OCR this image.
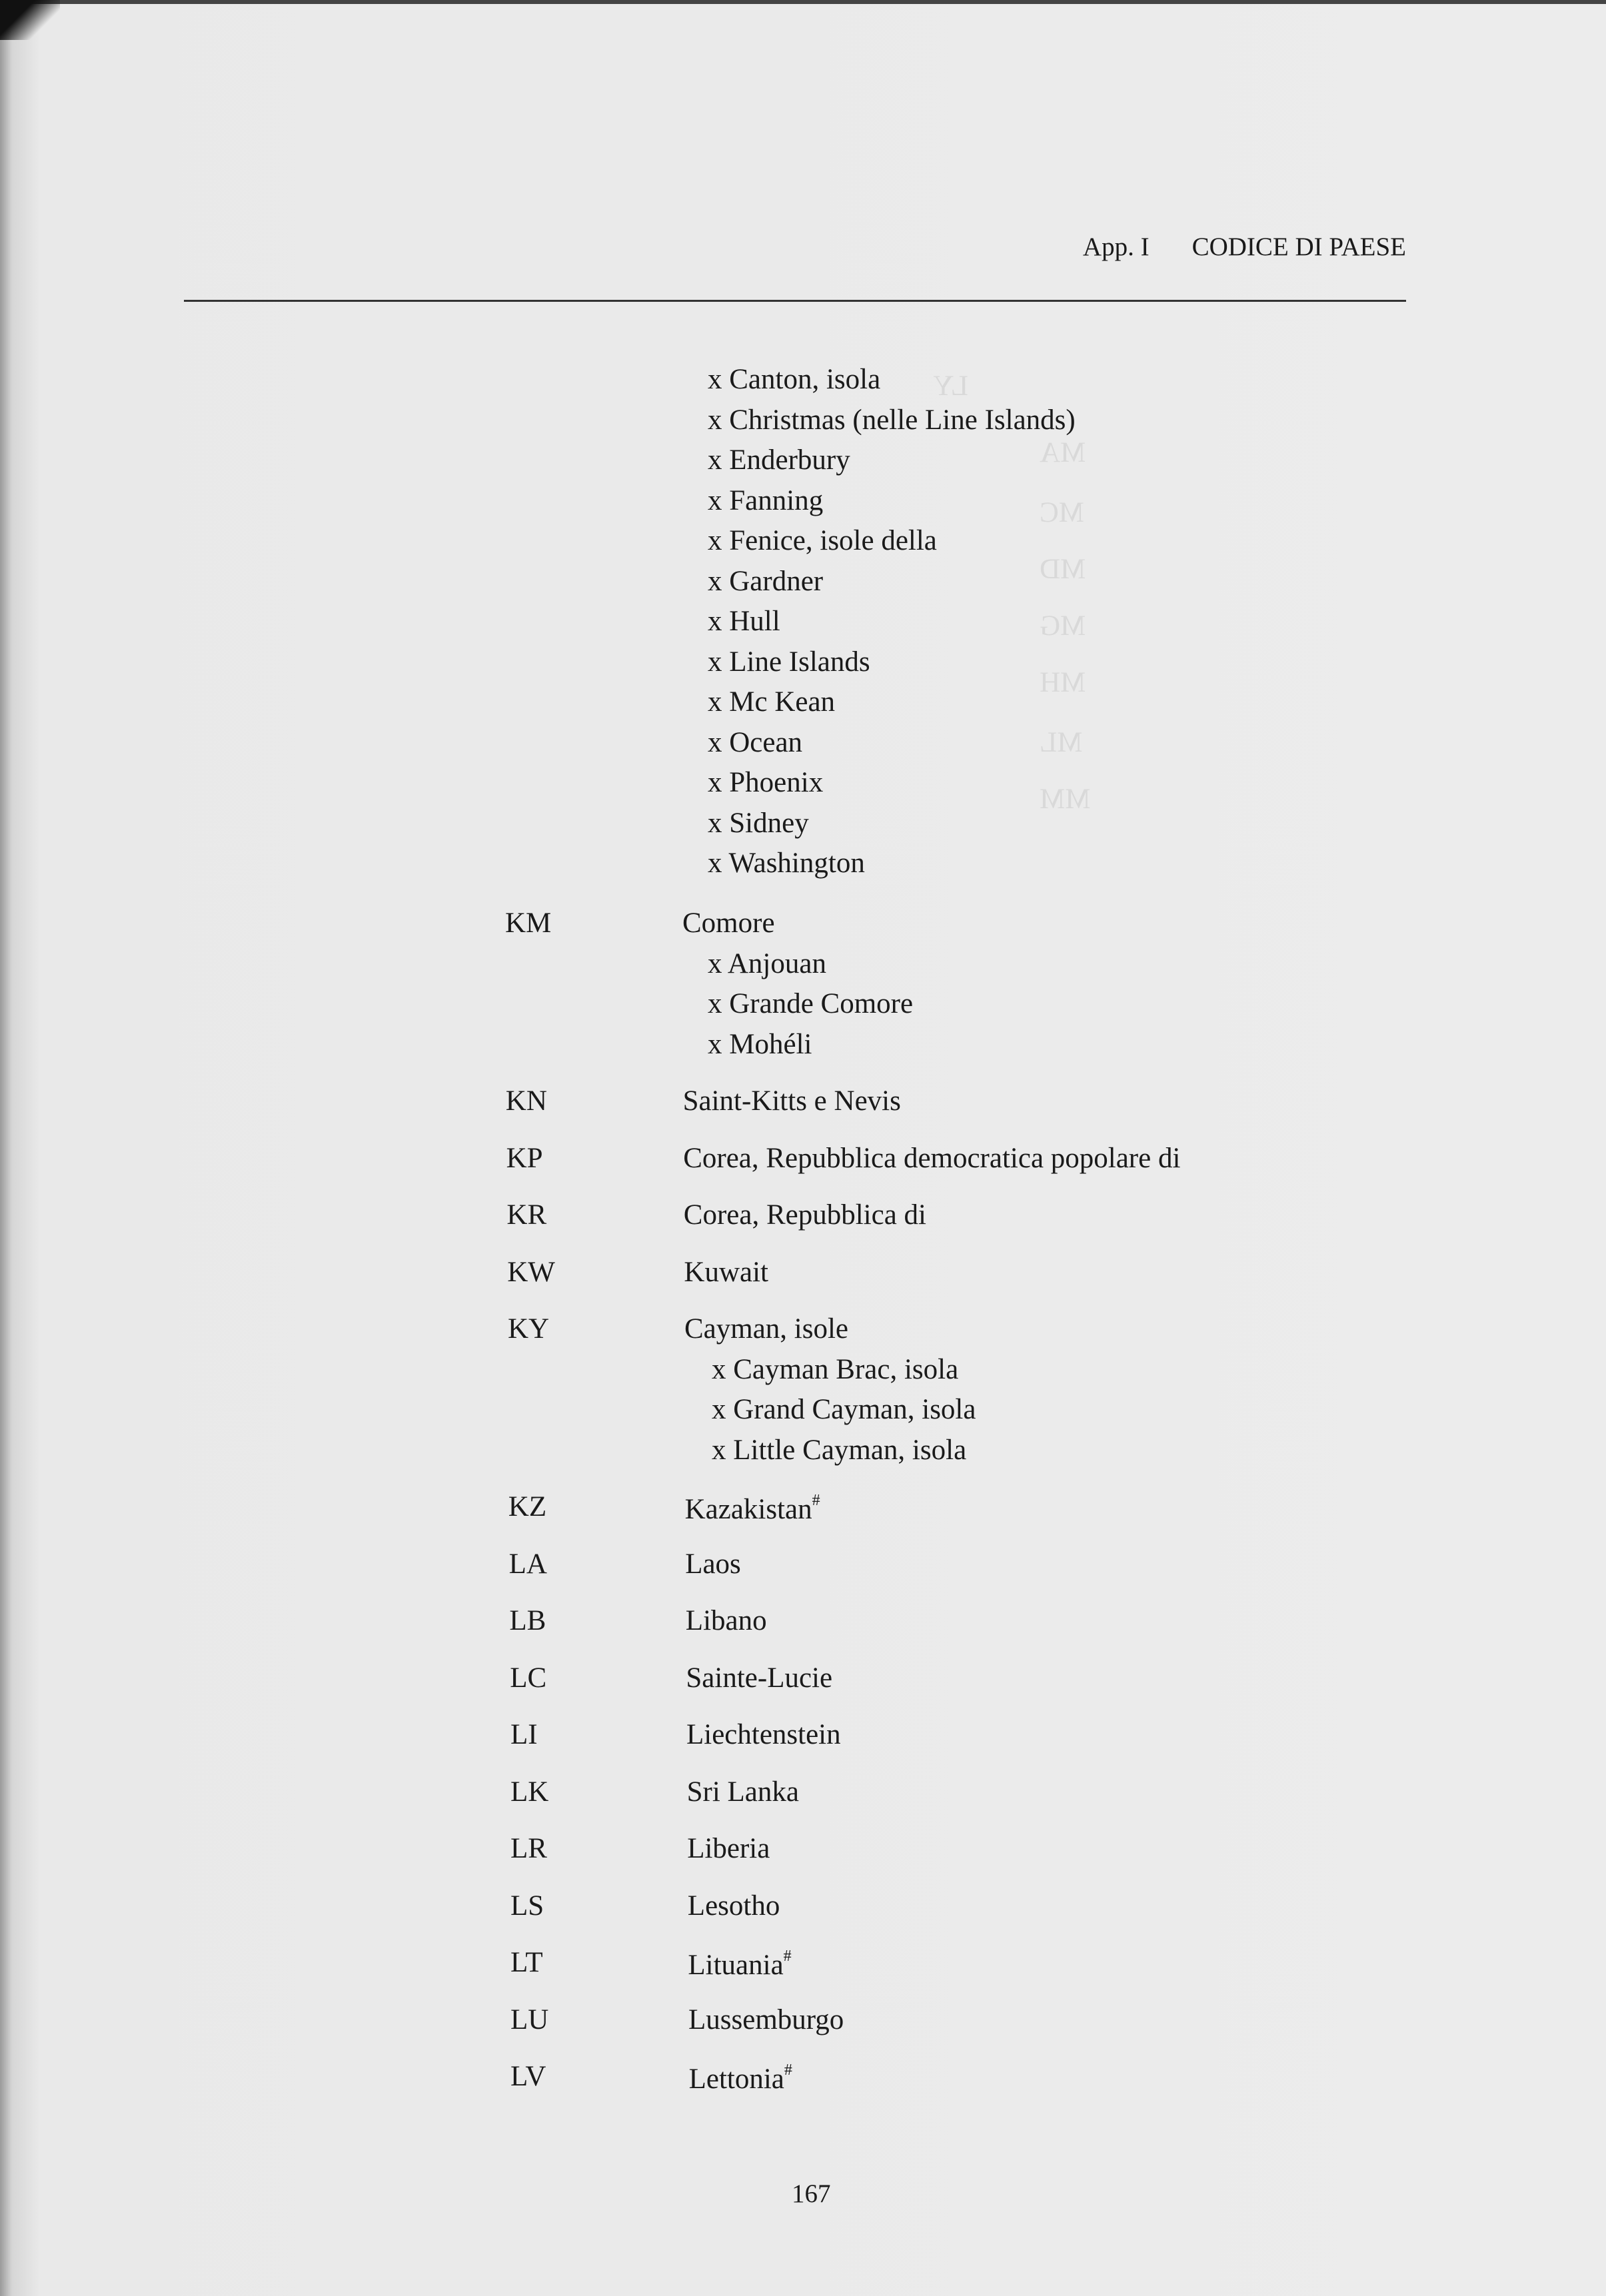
LY
MA
MC
MD
MG
MH
ML
MM
App. I CODICE DI PAESE
x Canton, isola
x Christmas (nelle Line Islands)
x Enderbury
x Fanning
x Fenice, isole della
x Gardner
x Hull
x Line Islands
x Mc Kean
x Ocean
x Phoenix
x Sidney
x Washington
KM	Comore
x Anjouan
x Grande Comore
x Mohéli
KN	Saint-Kitts e Nevis
KP	Corea, Repubblica democratica popolare di
KR	Corea, Repubblica di
KW	Kuwait
KY	Cayman, isole
x Cayman Brac, isola
x Grand Cayman, isola
x Little Cayman, isola
KZ	Kazakistan#
LA	Laos
LB	Libano
LC	Sainte-Lucie
LI	Liechtenstein
LK	Sri Lanka
LR	Liberia
LS	Lesotho
LT	Lituania#
LU	Lussemburgo
LV	Lettonia#
167
